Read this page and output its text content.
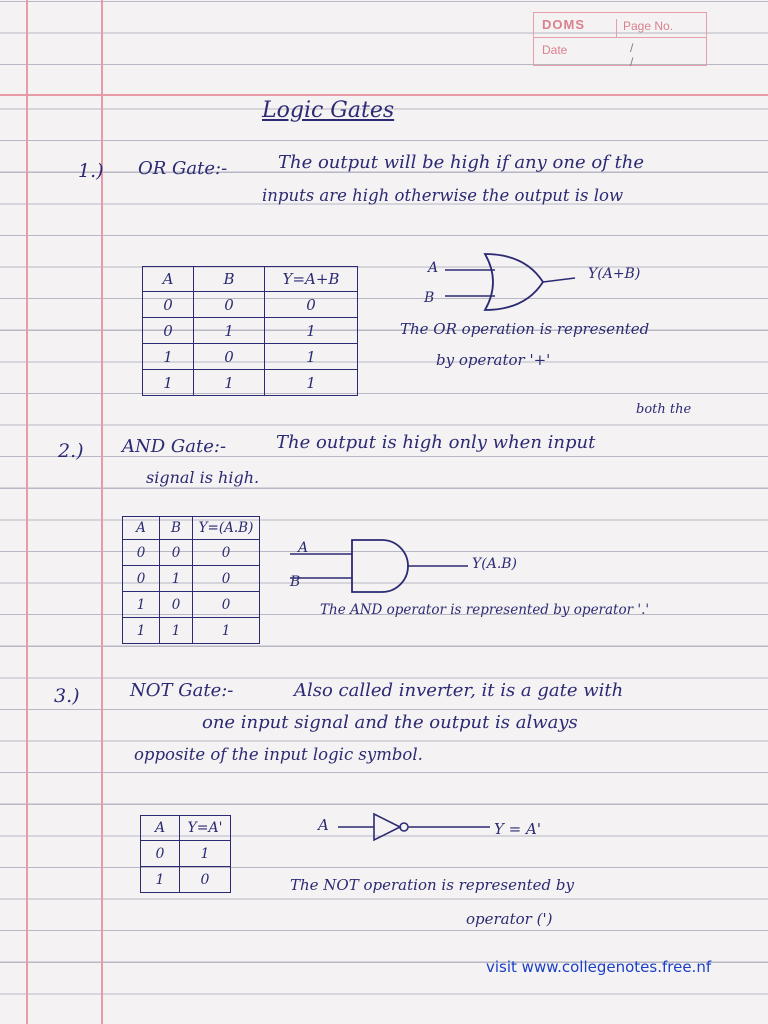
DOMS	Page No.
Date	/ /
Logic Gates
1.) OR Gate:-	The output will be high if any one of the
inputs are high otherwise the output is low
A	B	Y=A+B
0	0	0
0	1	1
1	0	1
1	1	1
A
B
Y(A+B)
The OR operation is represented
by operator '+'
both the
2.) AND Gate:-	The output is high only when input
signal is high.
A	B	Y=(A.B)
0	0	0
0	1	0
1	0	0
1	1	1
A
B
Y(A.B)
The AND operator is represented by operator '.'
3.)	NOT Gate:-	Also called inverter, it is a gate with
one input signal and the output is always
opposite of the input logic symbol.
A	Y=A'
0	1
1	0
A	Y = A'
The NOT operation is represented by
operator (')
visit www.collegenotes.free.nf
